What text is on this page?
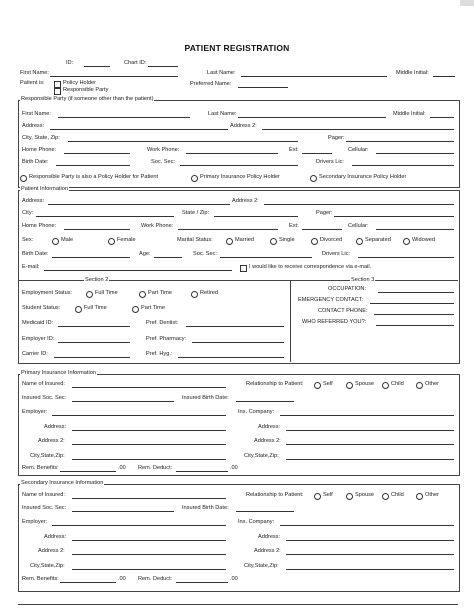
PATIENT REGISTRATION
ID:	Chart ID:
First Name:	Last Name:	Middle Initial:
Patient is:	Policy Holder
Responsible Party
Preferred Name:
Responsible Party (if someone other than the patient)
First Name:	Last Name:	Middle Initial:
Address:	Address 2:
City, State, Zip:	Pager:
Home Phone:	Work Phone:	Ext:	Cellular:
Birth Date:	Soc. Sec:	Drivers Lic:
Responsible Party is also a Policy Holder for Patient	Primary Insurance Policy Holder	Secondary Insurance Policy Holder
Patient Information
Address:	Address 2:
City:	State / Zip:	Pager:
Home Phone:	Work Phone:	Ext:	Cellular:
Sex:	Male	Female	Marital Status:	Married	Single	Divorced	Separated	Widowed
Birth Date:	Age:	Soc. Sec:	Drivers Lic:
E-mail:	I would like to receive correspondence via e-mail.
Section 2	Section 3
Employment Status:	Full Time	Part Time	Retired
Student Status:	Full Time	Part Time
Medicaid ID:	Pref. Dentist:
Employer ID:	Pref. Pharmacy:
Carrier ID:	Pref. Hyg.:
OCCUPATION:
EMERGENCY CONTACT:
CONTACT PHONE:
WHO REFERRED YOU?:
Primary Insurance Information
Name of Insured:	Relationship to Patient:	Self	Spouse	Child	Other
Insured Soc. Sec:	Insured Birth Date:
Employer:	Ins. Company:
Address:	Address:
Address 2:	Address 2:
City,State,Zip:	City,State,Zip:
Rem. Benefits:	.00 Rem. Deduct:	.00
Secondary Insurance Information
Name of Insured:	Relationship to Patient:	Self	Spouse	Child	Other
Insured Soc. Sec:	Insured Birth Date:
Employer:	Ins. Company:
Address:	Address:
Address 2:	Address 2:
City,State,Zip:	City,State,Zip:
Rem. Benefits:	.00 Rem. Deduct:	.00
